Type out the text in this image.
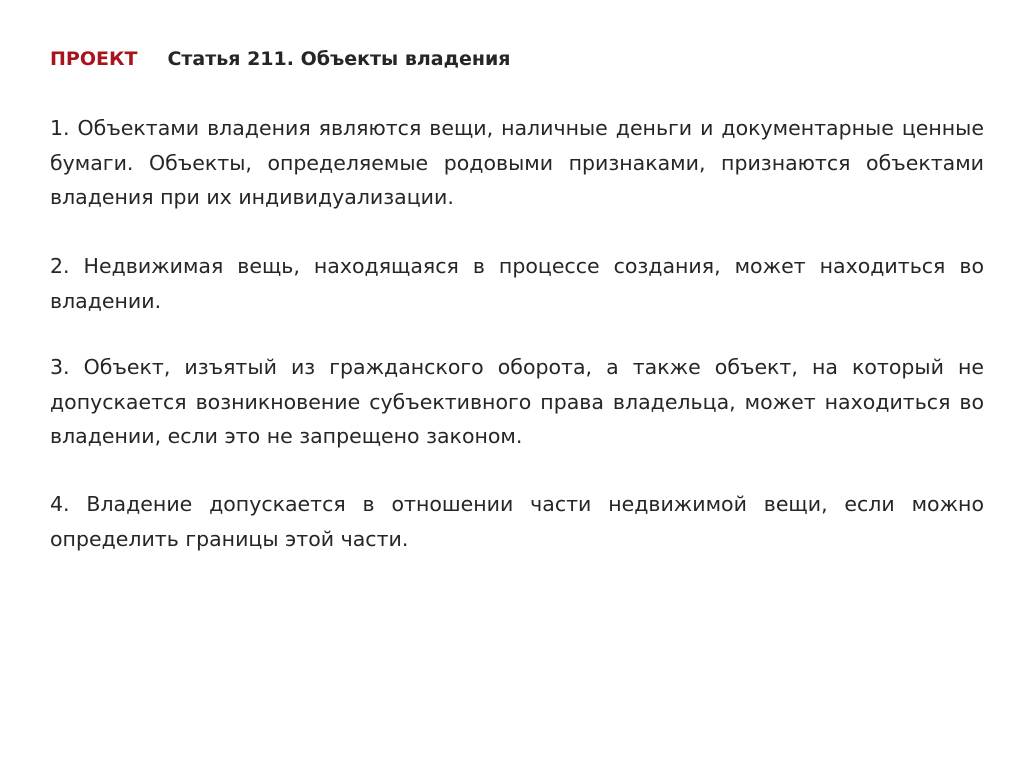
ПРОЕКТ Статья 211. Объекты владения

1. Объектами владения являются вещи, наличные деньги и документарные ценные бумаги. Объекты, определяемые родовыми признаками, признаются объектами владения при их индивидуализации.

2. Недвижимая вещь, находящаяся в процессе создания, может находиться во владении.

3. Объект, изъятый из гражданского оборота, а также объект, на который не допускается возникновение субъективного права владельца, может находиться во владении, если это не запрещено законом.

4. Владение допускается в отношении части недвижимой вещи, если можно определить границы этой части.
